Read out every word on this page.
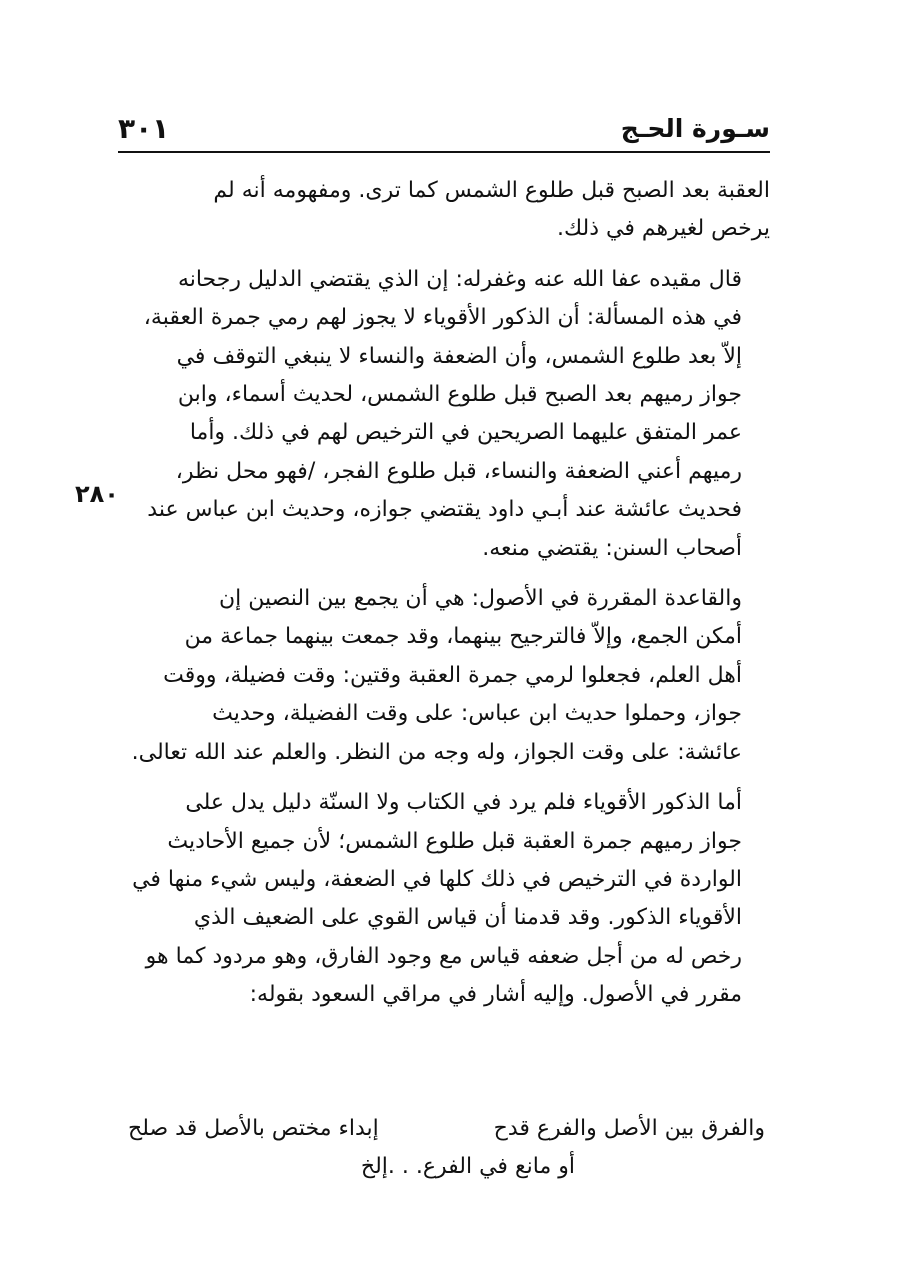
سـورة الحـج
٣٠١
٢٨٠

العقبة بعد الصبح قبل طلوع الشمس كما ترى. ومفهومه أنه لم
يرخص لغيرهم في ذلك.

قال مقيده عفا الله عنه وغفرله: إن الذي يقتضي الدليل رجحانه
في هذه المسألة: أن الذكور الأقوياء لا يجوز لهم رمي جمرة العقبة،
إلاّ بعد طلوع الشمس، وأن الضعفة والنساء لا ينبغي التوقف في
جواز رميهم بعد الصبح قبل طلوع الشمس، لحديث أسماء، وابن
عمر المتفق عليهما الصريحين في الترخيص لهم في ذلك. وأما
رميهم أعني الضعفة والنساء، قبل طلوع الفجر، /فهو محل نظر،
فحديث عائشة عند أبـي داود يقتضي جوازه، وحديث ابن عباس عند
أصحاب السنن: يقتضي منعه.

والقاعدة المقررة في الأصول: هي أن يجمع بين النصين إن
أمكن الجمع، وإلاّ فالترجيح بينهما، وقد جمعت بينهما جماعة من
أهل العلم، فجعلوا لرمي جمرة العقبة وقتين: وقت فضيلة، ووقت
جواز، وحملوا حديث ابن عباس: على وقت الفضيلة، وحديث
عائشة: على وقت الجواز، وله وجه من النظر. والعلم عند الله تعالى.

أما الذكور الأقوياء فلم يرد في الكتاب ولا السنّة دليل يدل على
جواز رميهم جمرة العقبة قبل طلوع الشمس؛ لأن جميع الأحاديث
الواردة في الترخيص في ذلك كلها في الضعفة، وليس شيء منها في
الأقوياء الذكور. وقد قدمنا أن قياس القوي على الضعيف الذي
رخص له من أجل ضعفه قياس مع وجود الفارق، وهو مردود كما هو
مقرر في الأصول. وإليه أشار في مراقي السعود بقوله:

والفرق بين الأصل والفرع قدح
إبداء مختص بالأصل قد صلح
أو مانع في الفرع. . .إلخ
